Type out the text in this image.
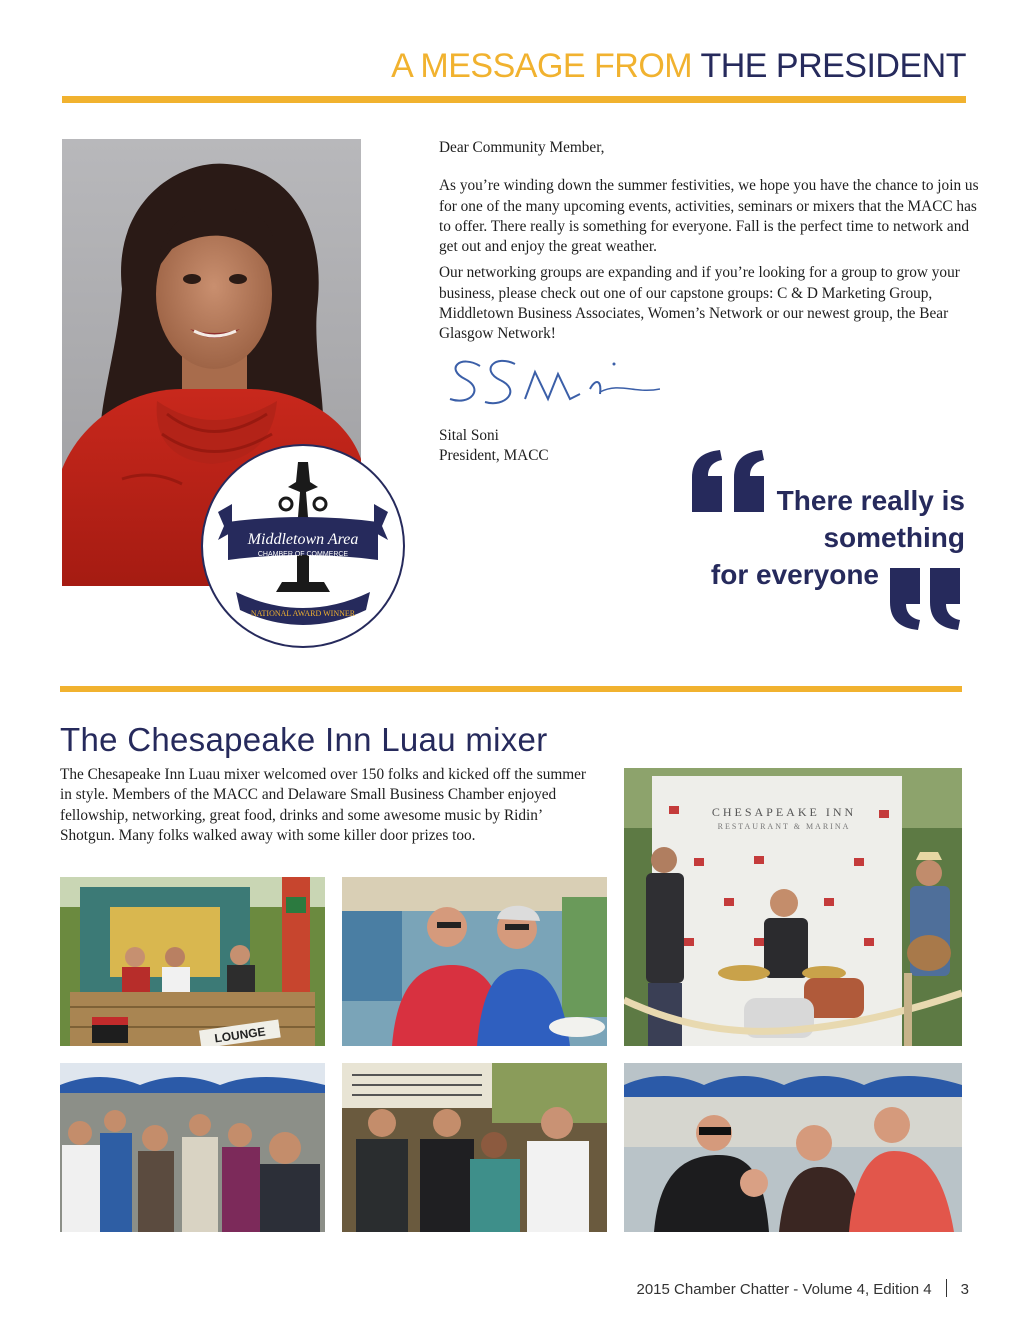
A MESSAGE FROM THE PRESIDENT
Middletown Area
CHAMBER OF COMMERCE
NATIONAL AWARD WINNER

Dear Community Member,

As you’re winding down the summer festivities, we hope you have the chance to join us for one of the many upcoming events, activities, seminars or mixers that the MACC has to offer. There really is something for everyone. Fall is the perfect time to network and get out and enjoy the great weather.

Our networking groups are expanding and if you’re looking for a group to grow your business, please check out one of our capstone groups: C & D Marketing Group, Middletown Business Associates, Women’s Network or our newest group, the Bear Glasgow Network!

Sital Soni
President, MACC
There really is
something
for everyone
The Chesapeake Inn Luau mixer
The Chesapeake Inn Luau mixer welcomed over 150 folks and kicked off the summer in style. Members of the MACC and Delaware Small Business Chamber enjoyed fellowship, networking, great food, drinks and some awesome music by Ridin’ Shotgun. Many folks walked away with some killer door prizes too.
CHESAPEAKE INN
RESTAURANT & MARINA
LOUNGE
2015 Chamber Chatter - Volume 4, Edition 4 3
